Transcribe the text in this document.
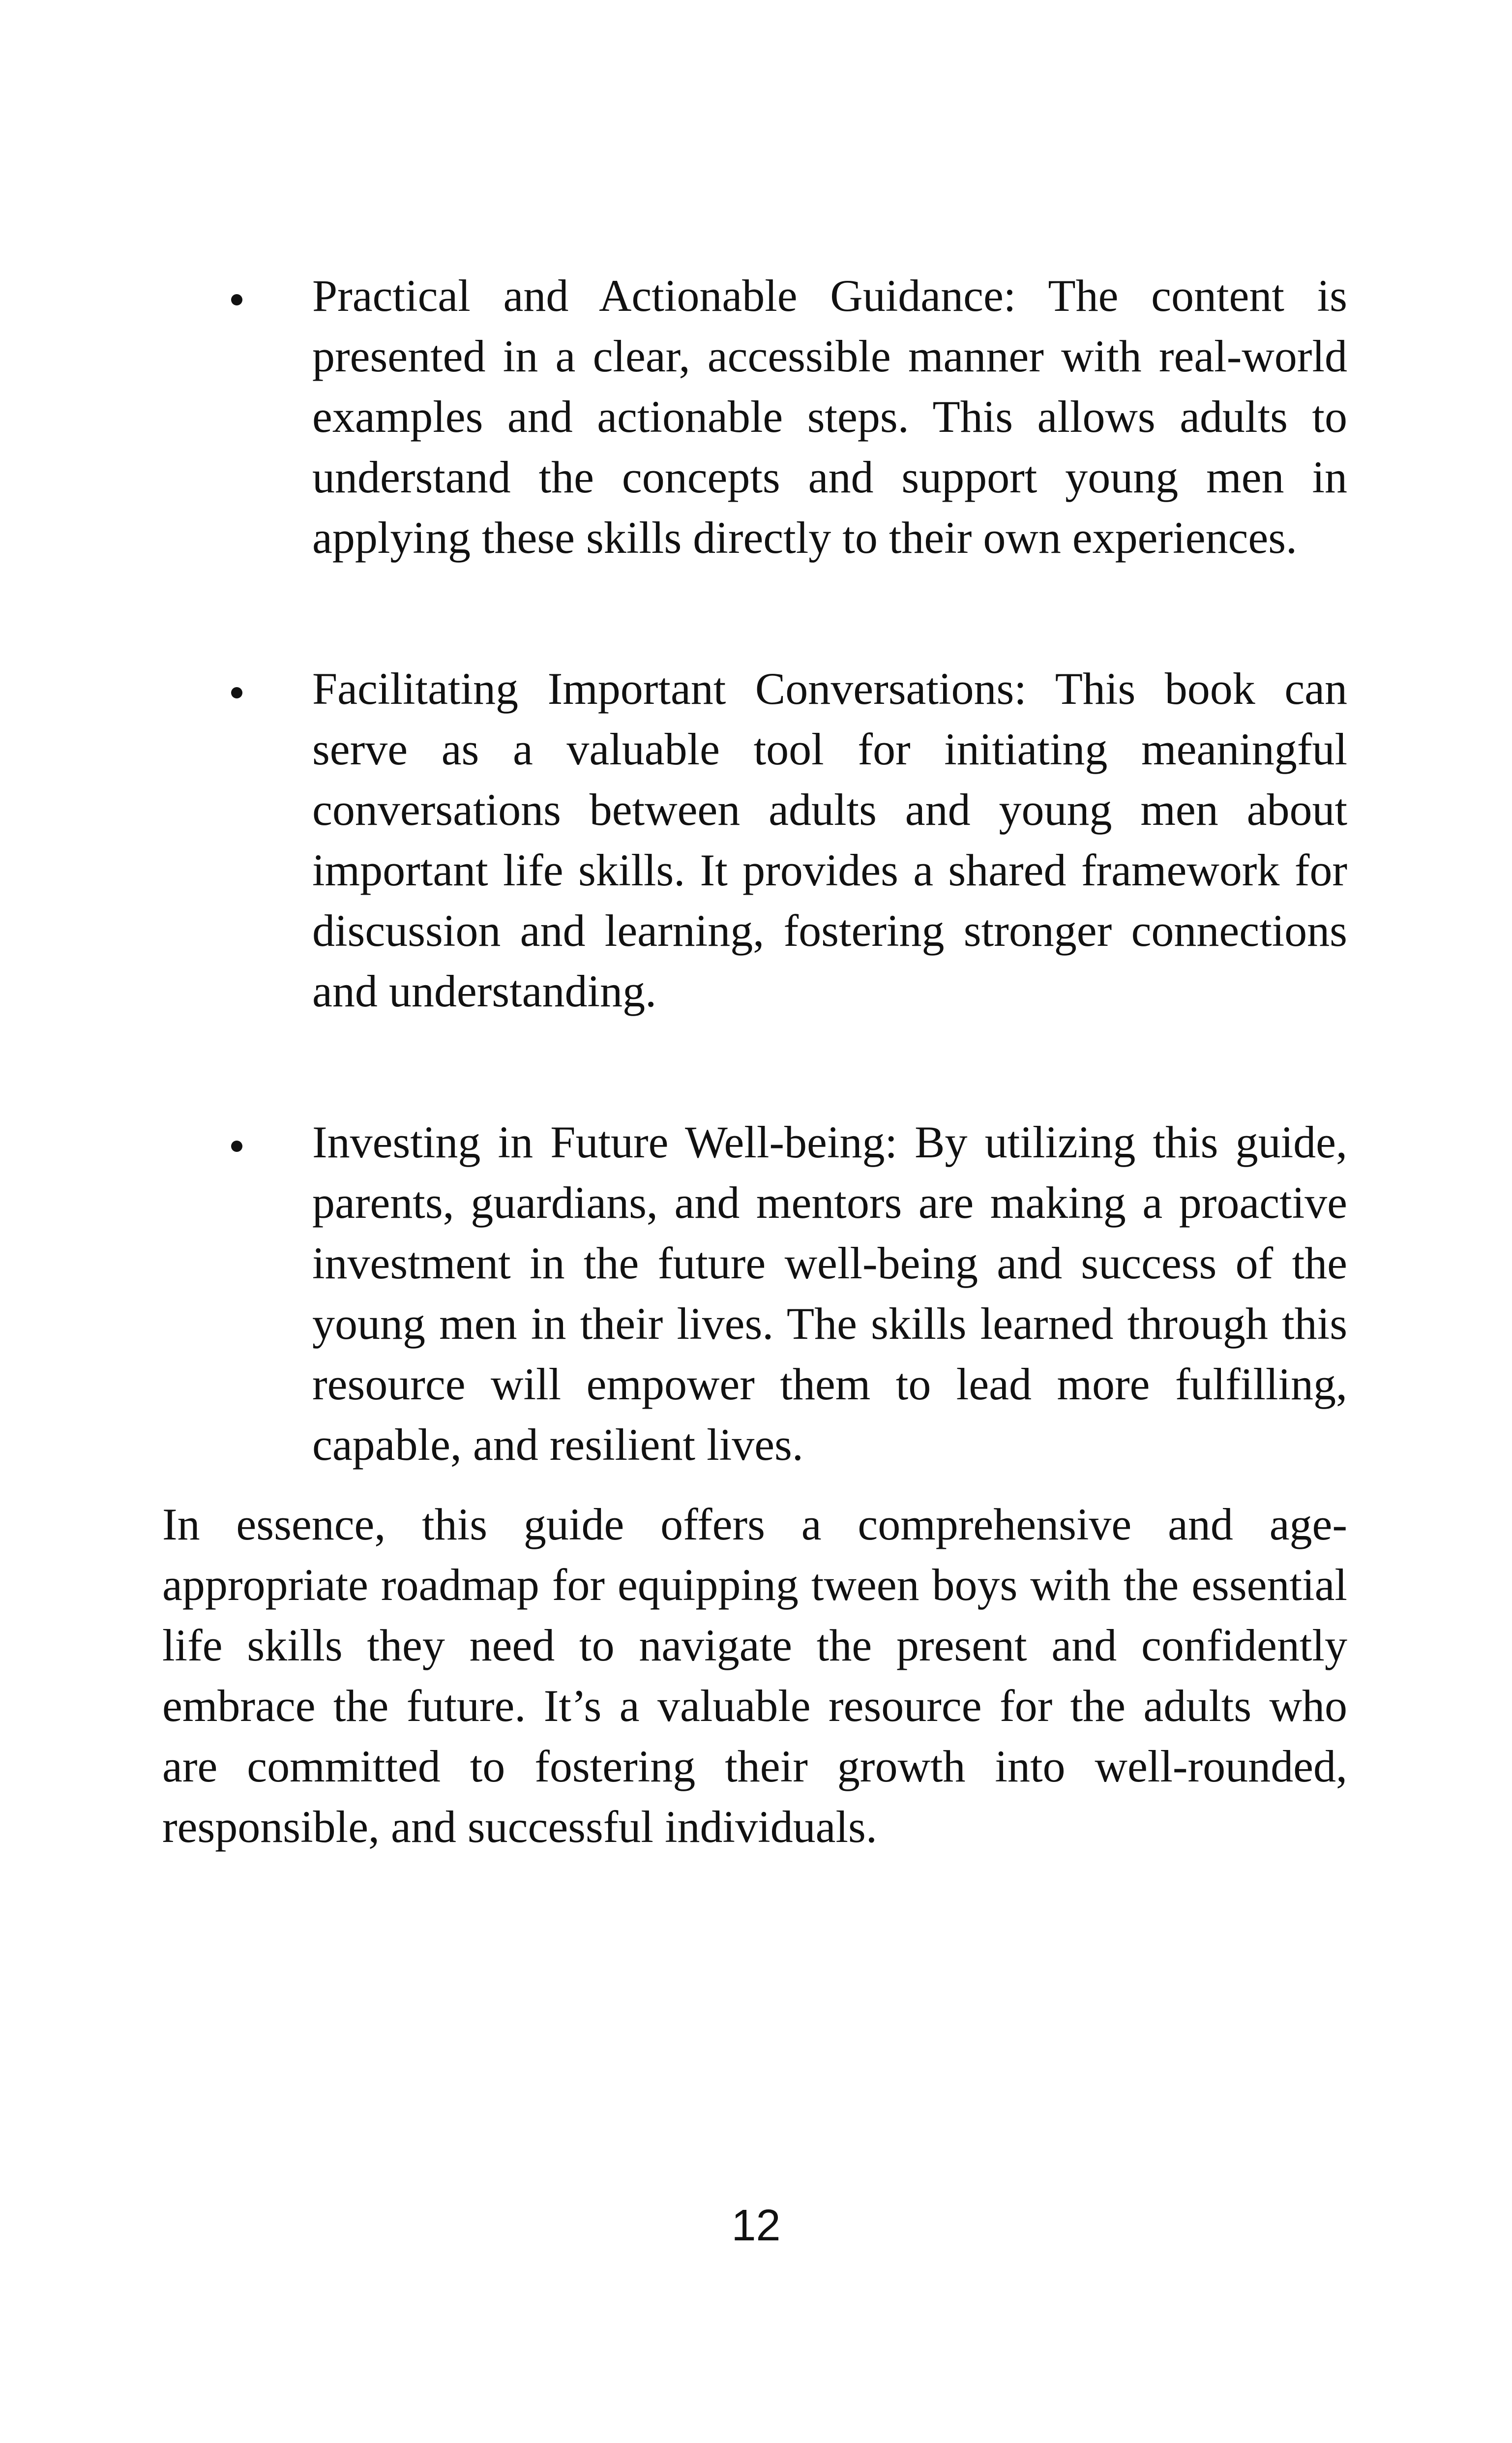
Practical and Actionable Guidance: The content is presented in a clear, accessible manner with real-world examples and actionable steps. This allows adults to understand the concepts and support young men in applying these skills directly to their own experiences.
Facilitating Important Conversations: This book can serve as a valuable tool for initiating meaningful conversations between adults and young men about important life skills. It provides a shared framework for discussion and learning, fostering stronger connections and understanding.
Investing in Future Well-being: By utilizing this guide, parents, guardians, and mentors are making a proactive investment in the future well-being and success of the young men in their lives. The skills learned through this resource will empower them to lead more fulfilling, capable, and resilient lives.

In essence, this guide offers a comprehensive and age-appropriate roadmap for equipping tween boys with the essential life skills they need to navigate the present and confidently embrace the future. It’s a valuable resource for the adults who are committed to fostering their growth into well-rounded, responsible, and successful individuals.

12
